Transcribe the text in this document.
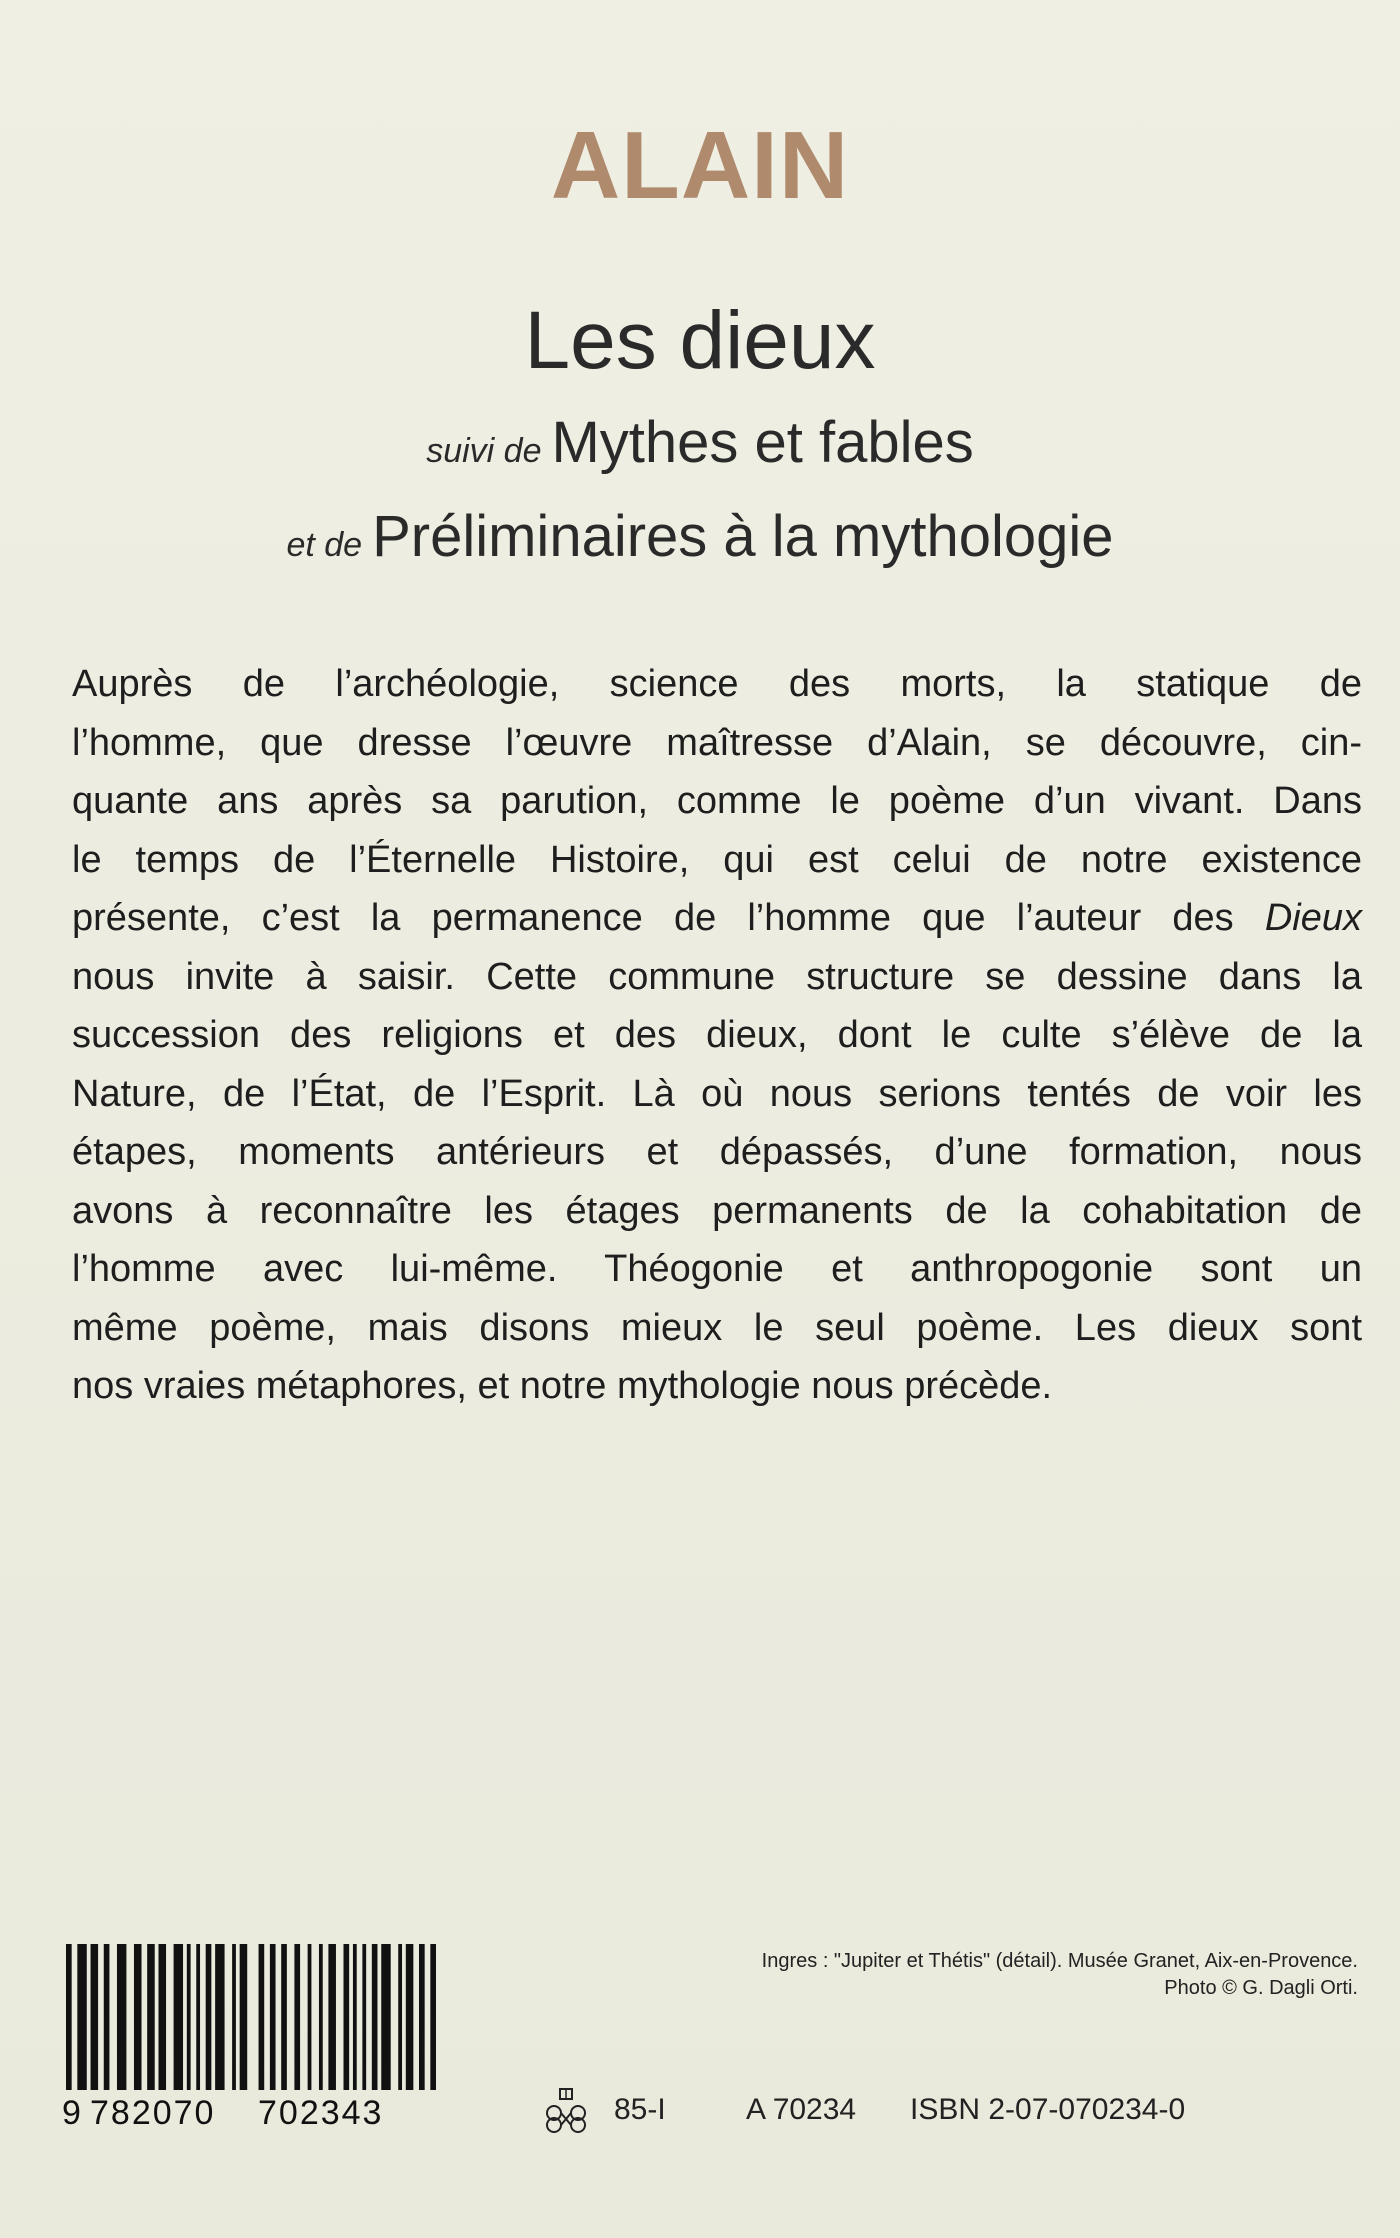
ALAIN
Les dieux

suivi de Mythes et fables

et de Préliminaires à la mythologie

Auprès de l’archéologie, science des morts, la statique de
l’homme, que dresse l’œuvre maîtresse d’Alain, se découvre, cin-
quante ans après sa parution, comme le poème d’un vivant. Dans
le temps de l’Éternelle Histoire, qui est celui de notre existence
présente, c’est la permanence de l’homme que l’auteur des Dieux
nous invite à saisir. Cette commune structure se dessine dans la
succession des religions et des dieux, dont le culte s’élève de la
Nature, de l’État, de l’Esprit. Là où nous serions tentés de voir les
étapes, moments antérieurs et dépassés, d’une formation, nous
avons à reconnaître les étages permanents de la cohabitation de
l’homme avec lui-même. Théogonie et anthropogonie sont un
même poème, mais disons mieux le seul poème. Les dieux sont
nos vraies métaphores, et notre mythologie nous précède.
Ingres : "Jupiter et Thétis" (détail). Musée Granet, Aix-en-Provence.
Photo © G. Dagli Orti.
9 782070 702343	85-I	A 70234 ISBN 2-07-070234-0
